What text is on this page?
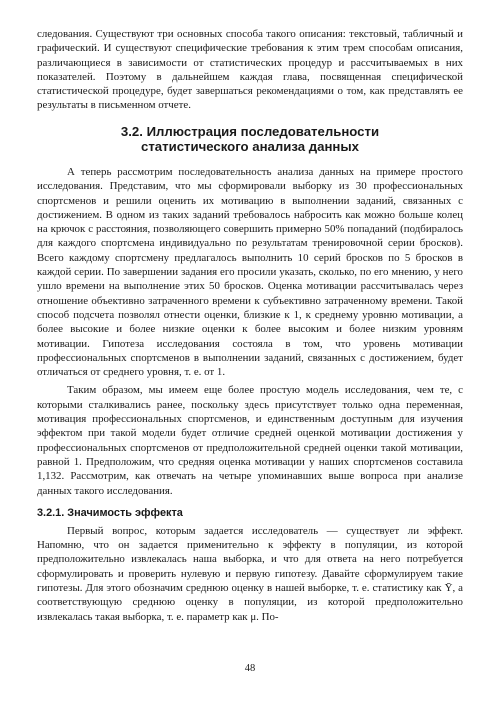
следования. Существуют три основных способа такого описания: текстовый, табличный и графический. И существуют специфические требования к этим трем способам описания, различающиеся в зависимости от статистических процедур и рассчитываемых в них показателей. Поэтому в дальнейшем каждая глава, посвященная специфической статистической процедуре, будет завершаться рекомендациями о том, как представлять ее результаты в письменном отчете.

3.2. Иллюстрация последовательности
статистического анализа данных

А теперь рассмотрим последовательность анализа данных на примере простого исследования. Представим, что мы сформировали выборку из 30 профессиональных спортсменов и решили оценить их мотивацию в выполнении заданий, связанных с достижением. В одном из таких заданий требовалось набросить как можно больше колец на крючок с расстояния, позволяющего совершить примерно 50% попаданий (подбиралось для каждого спортсмена индивидуально по результатам тренировочной серии бросков). Всего каждому спортсмену предлагалось выполнить 10 серий бросков по 5 бросков в каждой серии. По завершении задания его просили указать, сколько, по его мнению, у него ушло времени на выполнение этих 50 бросков. Оценка мотивации рассчитывалась через отношение объективно затраченного времени к субъективно затраченному времени. Такой способ подсчета позволял отнести оценки, близкие к 1, к среднему уровню мотивации, а более высокие и более низкие оценки к более высоким и более низким уровням мотивации. Гипотеза исследования состояла в том, что уровень мотивации профессиональных спортсменов в выполнении заданий, связанных с достижением, будет отличаться от среднего уровня, т. е. от 1.

Таким образом, мы имеем еще более простую модель исследования, чем те, с которыми сталкивались ранее, поскольку здесь присутствует только одна переменная, мотивация профессиональных спортсменов, и единственным доступным для изучения эффектом при такой модели будет отличие средней оценкой мотивации достижения у профессиональных спортсменов от предположительной средней оценки такой мотивации, равной 1. Предположим, что средняя оценка мотивации у наших спортсменов составила 1,132. Рассмотрим, как отвечать на четыре упоминавших выше вопроса при анализе данных такого исследования.

3.2.1. Значимость эффекта

Первый вопрос, которым задается исследователь — существует ли эффект. Напомню, что он задается применительно к эффекту в популяции, из которой предположительно извлекалась наша выборка, и что для ответа на него потребуется сформулировать и проверить нулевую и первую гипотезу. Давайте сформулируем такие гипотезы. Для этого обозначим среднюю оценку в нашей выборке, т. е. статистику как Ȳ, а соответствующую среднюю оценку в популяции, из которой предположительно извлекалась такая выборка, т. е. параметр как μ. По-

48
